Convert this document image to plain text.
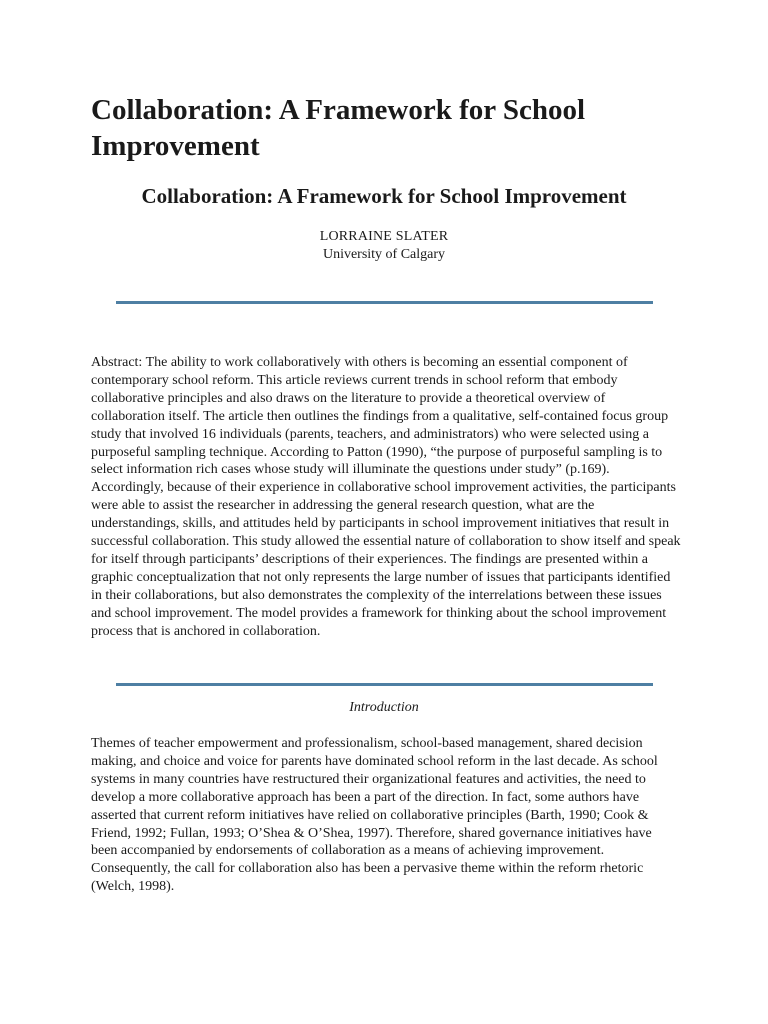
Collaboration: A Framework for School Improvement
Collaboration: A Framework for School Improvement
LORRAINE SLATER
University of Calgary

Abstract: The ability to work collaboratively with others is becoming an essential component of contemporary school reform. This article reviews current trends in school reform that embody collaborative principles and also draws on the literature to provide a theoretical overview of collaboration itself. The article then outlines the findings from a qualitative, self-contained focus group study that involved 16 individuals (parents, teachers, and administrators) who were selected using a purposeful sampling technique. According to Patton (1990), “the purpose of purposeful sampling is to select information rich cases whose study will illuminate the questions under study” (p.169). Accordingly, because of their experience in collaborative school improvement activities, the participants were able to assist the researcher in addressing the general research question, what are the understandings, skills, and attitudes held by participants in school improvement initiatives that result in successful collaboration. This study allowed the essential nature of collaboration to show itself and speak for itself through participants’ descriptions of their experiences. The findings are presented within a graphic conceptualization that not only represents the large number of issues that participants identified in their collaborations, but also demonstrates the complexity of the interrelations between these issues and school improvement. The model provides a framework for thinking about the school improvement process that is anchored in collaboration.

Introduction

Themes of teacher empowerment and professionalism, school-based management, shared decision making, and choice and voice for parents have dominated school reform in the last decade. As school systems in many countries have restructured their organizational features and activities, the need to develop a more collaborative approach has been a part of the direction. In fact, some authors have asserted that current reform initiatives have relied on collaborative principles (Barth, 1990; Cook & Friend, 1992; Fullan, 1993; O’Shea & O’Shea, 1997). Therefore, shared governance initiatives have been accompanied by endorsements of collaboration as a means of achieving improvement. Consequently, the call for collaboration also has been a pervasive theme within the reform rhetoric (Welch, 1998).
